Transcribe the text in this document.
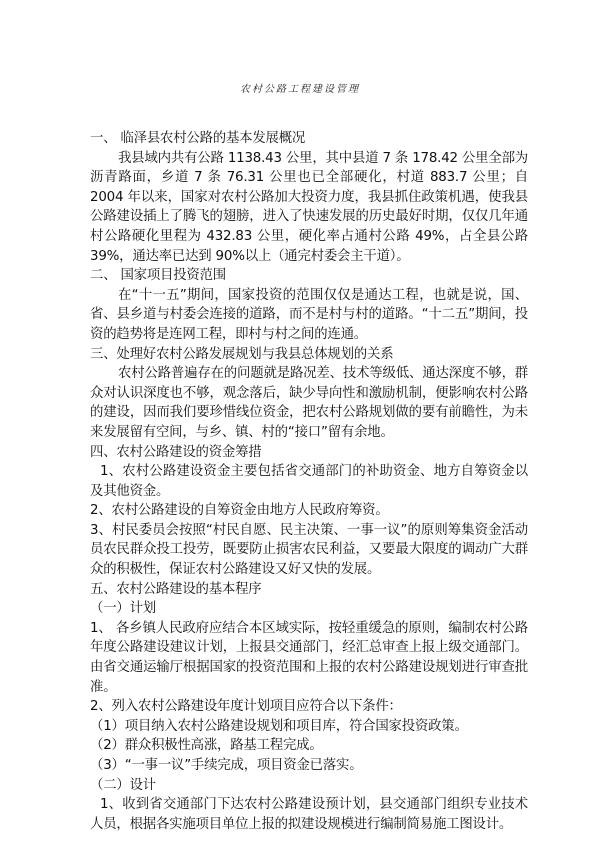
农村公路工程建设管理
一、 临泽县农村公路的基本发展概况
我县域内共有公路 1138.43 公里，其中县道 7 条 178.42 公里全部为沥青路面，乡道 7 条 76.31 公里也已全部硬化，村道 883.7 公里；自 2004 年以来，国家对农村公路加大投资力度，我县抓住政策机遇，使我县公路建设插上了腾飞的翅膀，进入了快速发展的历史最好时期，仅仅几年通村公路硬化里程为 432.83 公里，硬化率占通村公路 49%，占全县公路 39%，通达率已达到 90%以上（通完村委会主干道）。
二、 国家项目投资范围
在“十一五”期间，国家投资的范围仅仅是通达工程，也就是说，国、省、县乡道与村委会连接的道路，而不是村与村的道路。“十二五”期间，投资的趋势将是连网工程，即村与村之间的连通。
三、处理好农村公路发展规划与我县总体规划的关系
农村公路普遍存在的问题就是路况差、技术等级低、通达深度不够，群众对认识深度也不够，观念落后，缺少导向性和激励机制，便影响农村公路的建设，因而我们要珍惜线位资金，把农村公路规划做的要有前瞻性，为未来发展留有空间，与乡、镇、村的“接口”留有余地。
四、农村公路建设的资金筹措
1、农村公路建设资金主要包括省交通部门的补助资金、地方自筹资金以及其他资金。
2、农村公路建设的自筹资金由地方人民政府筹资。
3、村民委员会按照“村民自愿、民主决策、一事一议”的原则筹集资金活动员农民群众投工投劳，既要防止损害农民利益，又要最大限度的调动广大群众的积极性，保证农村公路建设又好又快的发展。
五、农村公路建设的基本程序
（一）计划
1、 各乡镇人民政府应结合本区域实际，按轻重缓急的原则，编制农村公路年度公路建设建议计划，上报县交通部门，经汇总审查上报上级交通部门。由省交通运输厅根据国家的投资范围和上报的农村公路建设规划进行审查批准。
2、列入农村公路建设年度计划项目应符合以下条件：
（1）项目纳入农村公路建设规划和项目库，符合国家投资政策。
（2）群众积极性高涨，路基工程完成。
（3）“一事一议”手续完成，项目资金已落实。
（二）设计
1、收到省交通部门下达农村公路建设预计划，县交通部门组织专业技术人员，根据各实施项目单位上报的拟建设规模进行编制简易施工图设计。
